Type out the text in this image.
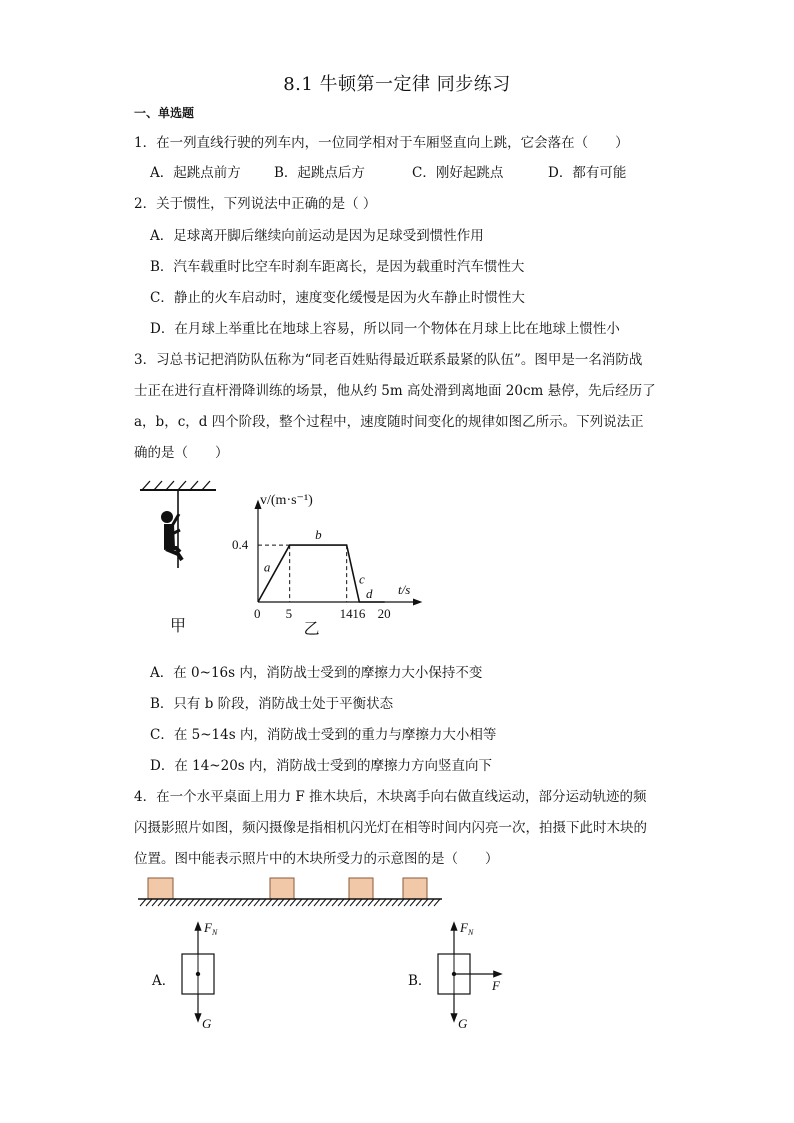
8.1 牛顿第一定律 同步练习
一、单选题
1．在一列直线行驶的列车内，一位同学相对于车厢竖直向上跳，它会落在（　　）
A．起跳点前方	B．起跳点后方	C．刚好起跳点	D．都有可能
2．关于惯性，下列说法中正确的是（ ）
A．足球离开脚后继续向前运动是因为足球受到惯性作用
B．汽车载重时比空车时刹车距离长，是因为载重时汽车惯性大
C．静止的火车启动时，速度变化缓慢是因为火车静止时惯性大
D．在月球上举重比在地球上容易，所以同一个物体在月球上比在地球上惯性小
3．习总书记把消防队伍称为“同老百姓贴得最近联系最紧的队伍”。图甲是一名消防战
士正在进行直杆滑降训练的场景，他从约 5m 高处滑到离地面 20cm 悬停，先后经历了
a，b，c，d 四个阶段，整个过程中，速度随时间变化的规律如图乙所示。下列说法正
确的是（　　）
甲
v/(m·s⁻¹)
t/s
0 5	14 16 20
0.4
a
b
c
d
乙
A．在 0~16s 内，消防战士受到的摩擦力大小保持不变
B．只有 b 阶段，消防战士处于平衡状态
C．在 5~14s 内，消防战士受到的重力与摩擦力大小相等
D．在 14~20s 内，消防战士受到的摩擦力方向竖直向下
4．在一个水平桌面上用力 F 推木块后，木块离手向右做直线运动，部分运动轨迹的频
闪摄影照片如图，频闪摄像是指相机闪光灯在相等时间内闪亮一次，拍摄下此时木块的
位置。图中能表示照片中的木块所受力的示意图的是（　　）
A．
$F_N$
G
B．
$F_N$
G
F
